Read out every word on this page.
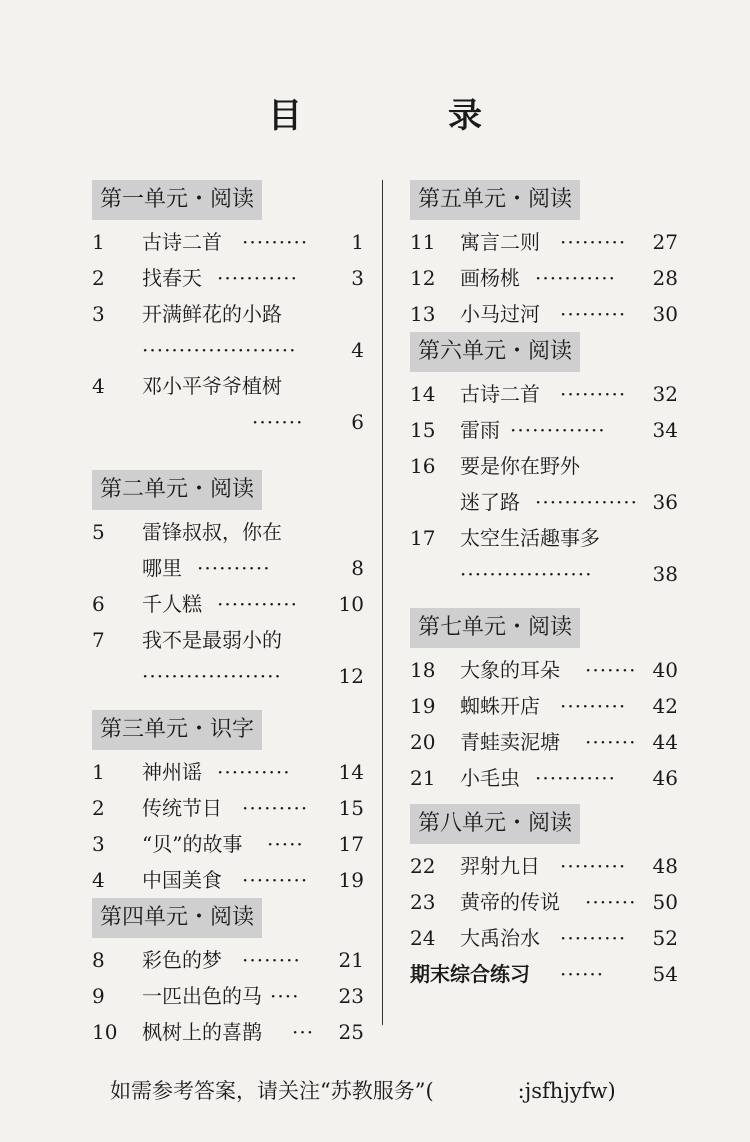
目　录
第一单元・阅读
1	古诗二首 ········· 1
2	找春天 ···········	3
3	开满鲜花的小路
·····················	4
4	邓小平爷爷植树
······· 6
第二单元・阅读
5	雷锋叔叔，你在
哪里 ··········	8
6	千人糕 ··········· 10
7	我不是最弱小的
···················	12
第三单元・识字
1	神州谣 ·········· 14
2	传统节日 ········· 15
3	“贝”的故事 ····· 17
4	中国美食 ········· 19
第四单元・阅读
8	彩色的梦 ········ 21
9	一匹出色的马 ···· 23
10 枫树上的喜鹊 ··· 25
第五单元・阅读
11 寓言二则 ········· 27
12 画杨桃 ··········· 28
13 小马过河 ········· 30
第六单元・阅读
14 古诗二首 ········· 32
15 雷雨 ············· 34
16 要是你在野外
迷了路 ·············· 36
17 太空生活趣事多
··················	38
第七单元・阅读
18 大象的耳朵 ······· 40
19 蜘蛛开店 ········· 42
20 青蛙卖泥塘 ······· 44
21 小毛虫 ··········· 46
第八单元・阅读
22 羿射九日 ········· 48
23 黄帝的传说 ······· 50
24 大禹治水 ········· 52
期末综合练习 ······ 54
如需参考答案，请关注“苏教服务”(　　　　:jsfhjyfw)
